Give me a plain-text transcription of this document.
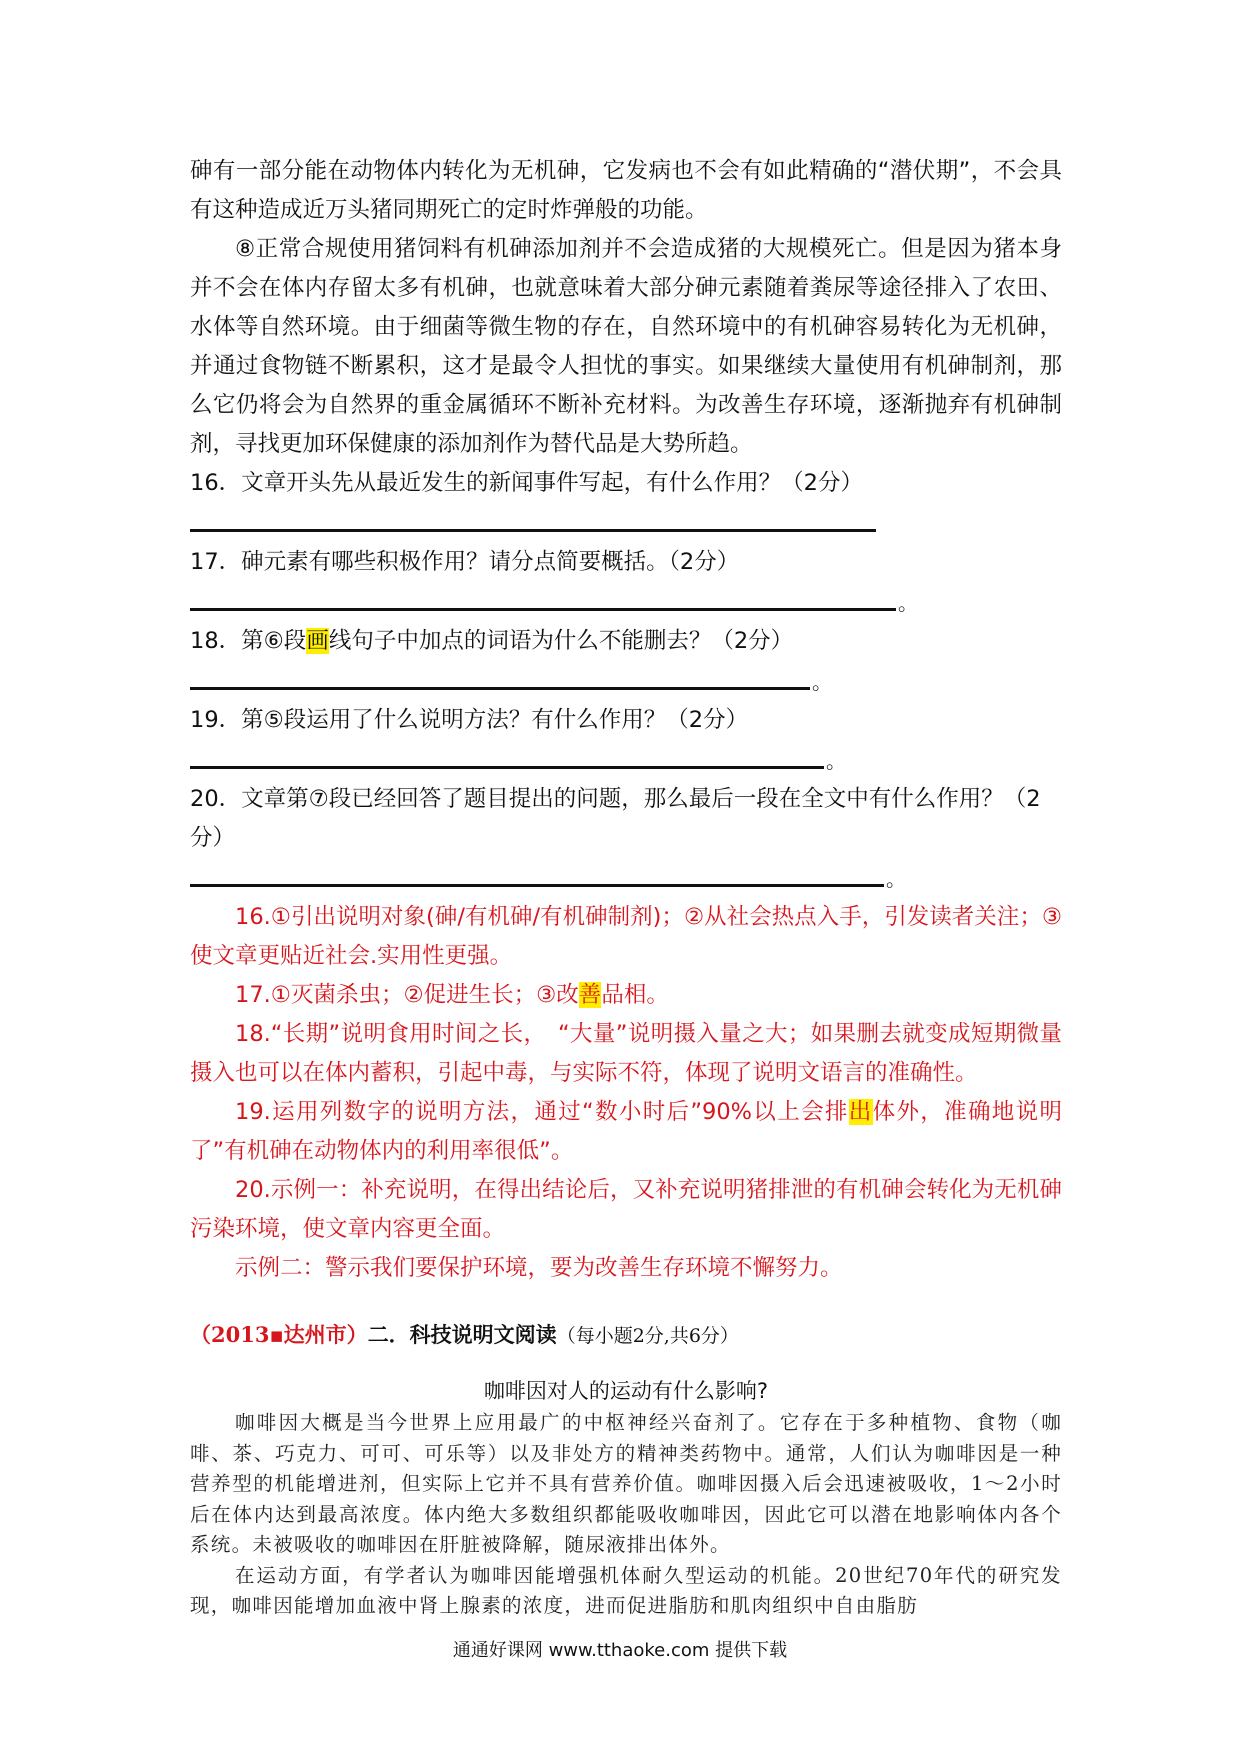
砷有一部分能在动物体内转化为无机砷，它发病也不会有如此精确的“潜伏期”，不会具有这种造成近万头猪同期死亡的定时炸弹般的功能。

⑧正常合规使用猪饲料有机砷添加剂并不会造成猪的大规模死亡。但是因为猪本身并不会在体内存留太多有机砷，也就意味着大部分砷元素随着粪尿等途径排入了农田、水体等自然环境。由于细菌等微生物的存在，自然环境中的有机砷容易转化为无机砷，并通过食物链不断累积，这才是最令人担忧的事实。如果继续大量使用有机砷制剂，那么它仍将会为自然界的重金属循环不断补充材料。为改善生存环境，逐渐抛弃有机砷制剂，寻找更加环保健康的添加剂作为替代品是大势所趋。

16．文章开头先从最近发生的新闻事件写起，有什么作用？（2分）

17．砷元素有哪些积极作用？请分点简要概括。（2分）

。

18．第⑥段画线句子中加点的词语为什么不能删去？（2分）

。

19．第⑤段运用了什么说明方法？有什么作用？（2分）

。

20．文章第⑦段已经回答了题目提出的问题，那么最后一段在全文中有什么作用？（2分）

。

16.①引出说明对象(砷/有机砷/有机砷制剂)；②从社会热点入手，引发读者关注；③使文章更贴近社会.实用性更强。

17.①灭菌杀虫；②促进生长；③改善品相。

18.“长期”说明食用时间之长，　“大量”说明摄入量之大；如果删去就变成短期微量摄入也可以在体内蓄积，引起中毒，与实际不符，体现了说明文语言的准确性。

19.运用列数字的说明方法，通过“数小时后”90%以上会排出体外，准确地说明了”有机砷在动物体内的利用率很低”。

20.示例一：补充说明，在得出结论后，又补充说明猪排泄的有机砷会转化为无机砷污染环境，使文章内容更全面。

示例二：警示我们要保护环境，要为改善生存环境不懈努力。

（2013▪达州市）二．科技说明文阅读（每小题2分,共6分）

咖啡因对人的运动有什么影响?

咖啡因大概是当今世界上应用最广的中枢神经兴奋剂了。它存在于多种植物、食物（咖啡、茶、巧克力、可可、可乐等）以及非处方的精神类药物中。通常，人们认为咖啡因是一种营养型的机能增进剂，但实际上它并不具有营养价值。咖啡因摄入后会迅速被吸收，1～2小时后在体内达到最高浓度。体内绝大多数组织都能吸收咖啡因，因此它可以潜在地影响体内各个系统。未被吸收的咖啡因在肝脏被降解，随尿液排出体外。

在运动方面，有学者认为咖啡因能增强机体耐久型运动的机能。20世纪70年代的研究发现，咖啡因能增加血液中肾上腺素的浓度，进而促进脂肪和肌肉组织中自由脂肪

通通好课网 www.tthaoke.com 提供下载
